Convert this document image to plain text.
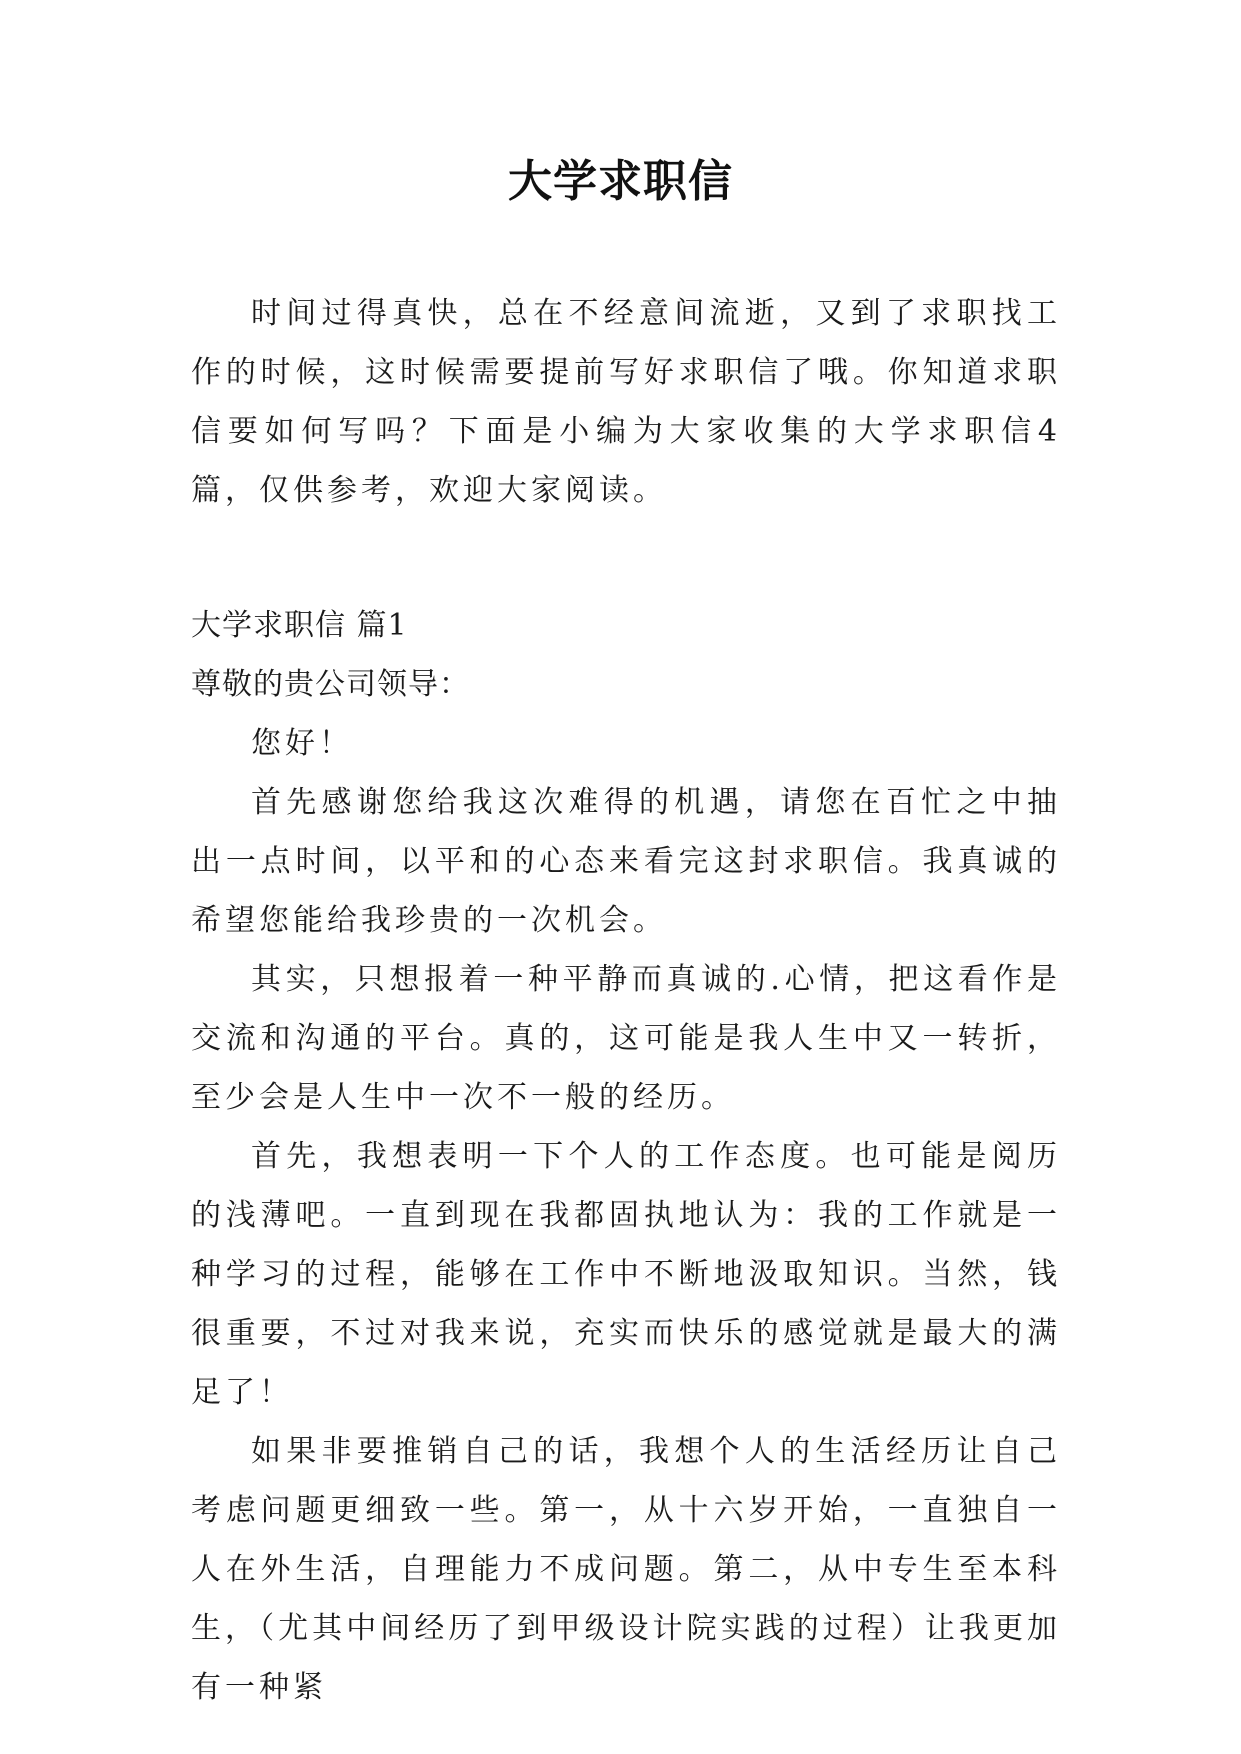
大学求职信

时间过得真快，总在不经意间流逝，又到了求职找工作的时候，这时候需要提前写好求职信了哦。你知道求职信要如何写吗？下面是小编为大家收集的大学求职信4篇，仅供参考，欢迎大家阅读。

大学求职信 篇1

尊敬的贵公司领导：

您好！

首先感谢您给我这次难得的机遇，请您在百忙之中抽出一点时间，以平和的心态来看完这封求职信。我真诚的希望您能给我珍贵的一次机会。

其实，只想报着一种平静而真诚的.心情，把这看作是交流和沟通的平台。真的，这可能是我人生中又一转折，至少会是人生中一次不一般的经历。

首先，我想表明一下个人的工作态度。也可能是阅历的浅薄吧。一直到现在我都固执地认为：我的工作就是一种学习的过程，能够在工作中不断地汲取知识。当然，钱很重要，不过对我来说，充实而快乐的感觉就是最大的满足了！

如果非要推销自己的话，我想个人的生活经历让自己考虑问题更细致一些。第一，从十六岁开始，一直独自一人在外生活，自理能力不成问题。第二，从中专生至本科生，（尤其中间经历了到甲级设计院实践的过程）让我更加有一种紧
